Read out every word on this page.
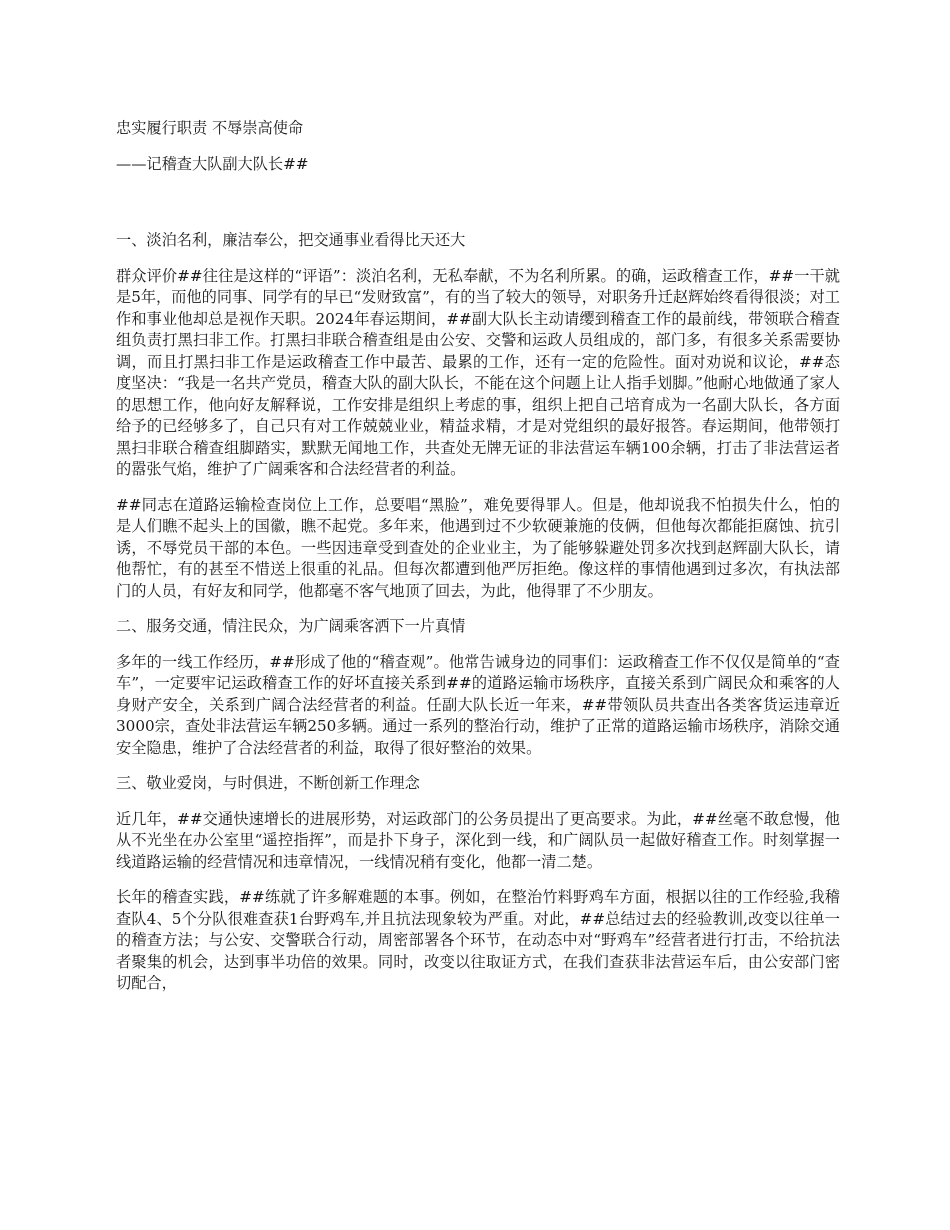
忠实履行职责 不辱崇高使命

——记稽查大队副大队长##

一、淡泊名利，廉洁奉公，把交通事业看得比天还大

群众评价##往往是这样的“评语”：淡泊名利，无私奉献，不为名利所累。的确，运政稽查工作，##一干就是5年，而他的同事、同学有的早已“发财致富”，有的当了较大的领导，对职务升迁赵辉始终看得很淡；对工作和事业他却总是视作天职。2024年春运期间，##副大队长主动请缨到稽查工作的最前线，带领联合稽查组负责打黑扫非工作。打黑扫非联合稽查组是由公安、交警和运政人员组成的，部门多，有很多关系需要协调，而且打黑扫非工作是运政稽查工作中最苦、最累的工作，还有一定的危险性。面对劝说和议论，##态度坚决：“我是一名共产党员，稽查大队的副大队长，不能在这个问题上让人指手划脚。”他耐心地做通了家人的思想工作，他向好友解释说，工作安排是组织上考虑的事，组织上把自己培育成为一名副大队长，各方面给予的已经够多了，自己只有对工作兢兢业业，精益求精，才是对党组织的最好报答。春运期间，他带领打黑扫非联合稽查组脚踏实，默默无闻地工作，共查处无牌无证的非法营运车辆100余辆，打击了非法营运者的嚣张气焰，维护了广阔乘客和合法经营者的利益。

##同志在道路运输检查岗位上工作，总要唱“黑脸”，难免要得罪人。但是，他却说我不怕损失什么，怕的是人们瞧不起头上的国徽，瞧不起党。多年来，他遇到过不少软硬兼施的伎俩，但他每次都能拒腐蚀、抗引诱，不辱党员干部的本色。一些因违章受到查处的企业业主，为了能够躲避处罚多次找到赵辉副大队长，请他帮忙，有的甚至不惜送上很重的礼品。但每次都遭到他严厉拒绝。像这样的事情他遇到过多次，有执法部门的人员，有好友和同学，他都毫不客气地顶了回去，为此，他得罪了不少朋友。

二、服务交通，情注民众，为广阔乘客洒下一片真情

多年的一线工作经历，##形成了他的“稽查观”。他常告诫身边的同事们：运政稽查工作不仅仅是简单的“查车”，一定要牢记运政稽查工作的好坏直接关系到##的道路运输市场秩序，直接关系到广阔民众和乘客的人身财产安全，关系到广阔合法经营者的利益。任副大队长近一年来，##带领队员共查出各类客货运违章近3000宗，查处非法营运车辆250多辆。通过一系列的整治行动，维护了正常的道路运输市场秩序，消除交通安全隐患，维护了合法经营者的利益，取得了很好整治的效果。

三、敬业爱岗，与时俱进，不断创新工作理念

近几年，##交通快速增长的进展形势，对运政部门的公务员提出了更高要求。为此，##丝毫不敢怠慢，他从不光坐在办公室里“遥控指挥”，而是扑下身子，深化到一线，和广阔队员一起做好稽查工作。时刻掌握一线道路运输的经营情况和违章情况，一线情况稍有变化，他都一清二楚。

长年的稽查实践，##练就了许多解难题的本事。例如，在整治竹料野鸡车方面，根据以往的工作经验,我稽查队4、5个分队很难查获1台野鸡车,并且抗法现象较为严重。对此，##总结过去的经验教训,改变以往单一的稽查方法；与公安、交警联合行动，周密部署各个环节，在动态中对“野鸡车”经营者进行打击，不给抗法者聚集的机会，达到事半功倍的效果。同时，改变以往取证方式，在我们查获非法营运车后，由公安部门密切配合，
